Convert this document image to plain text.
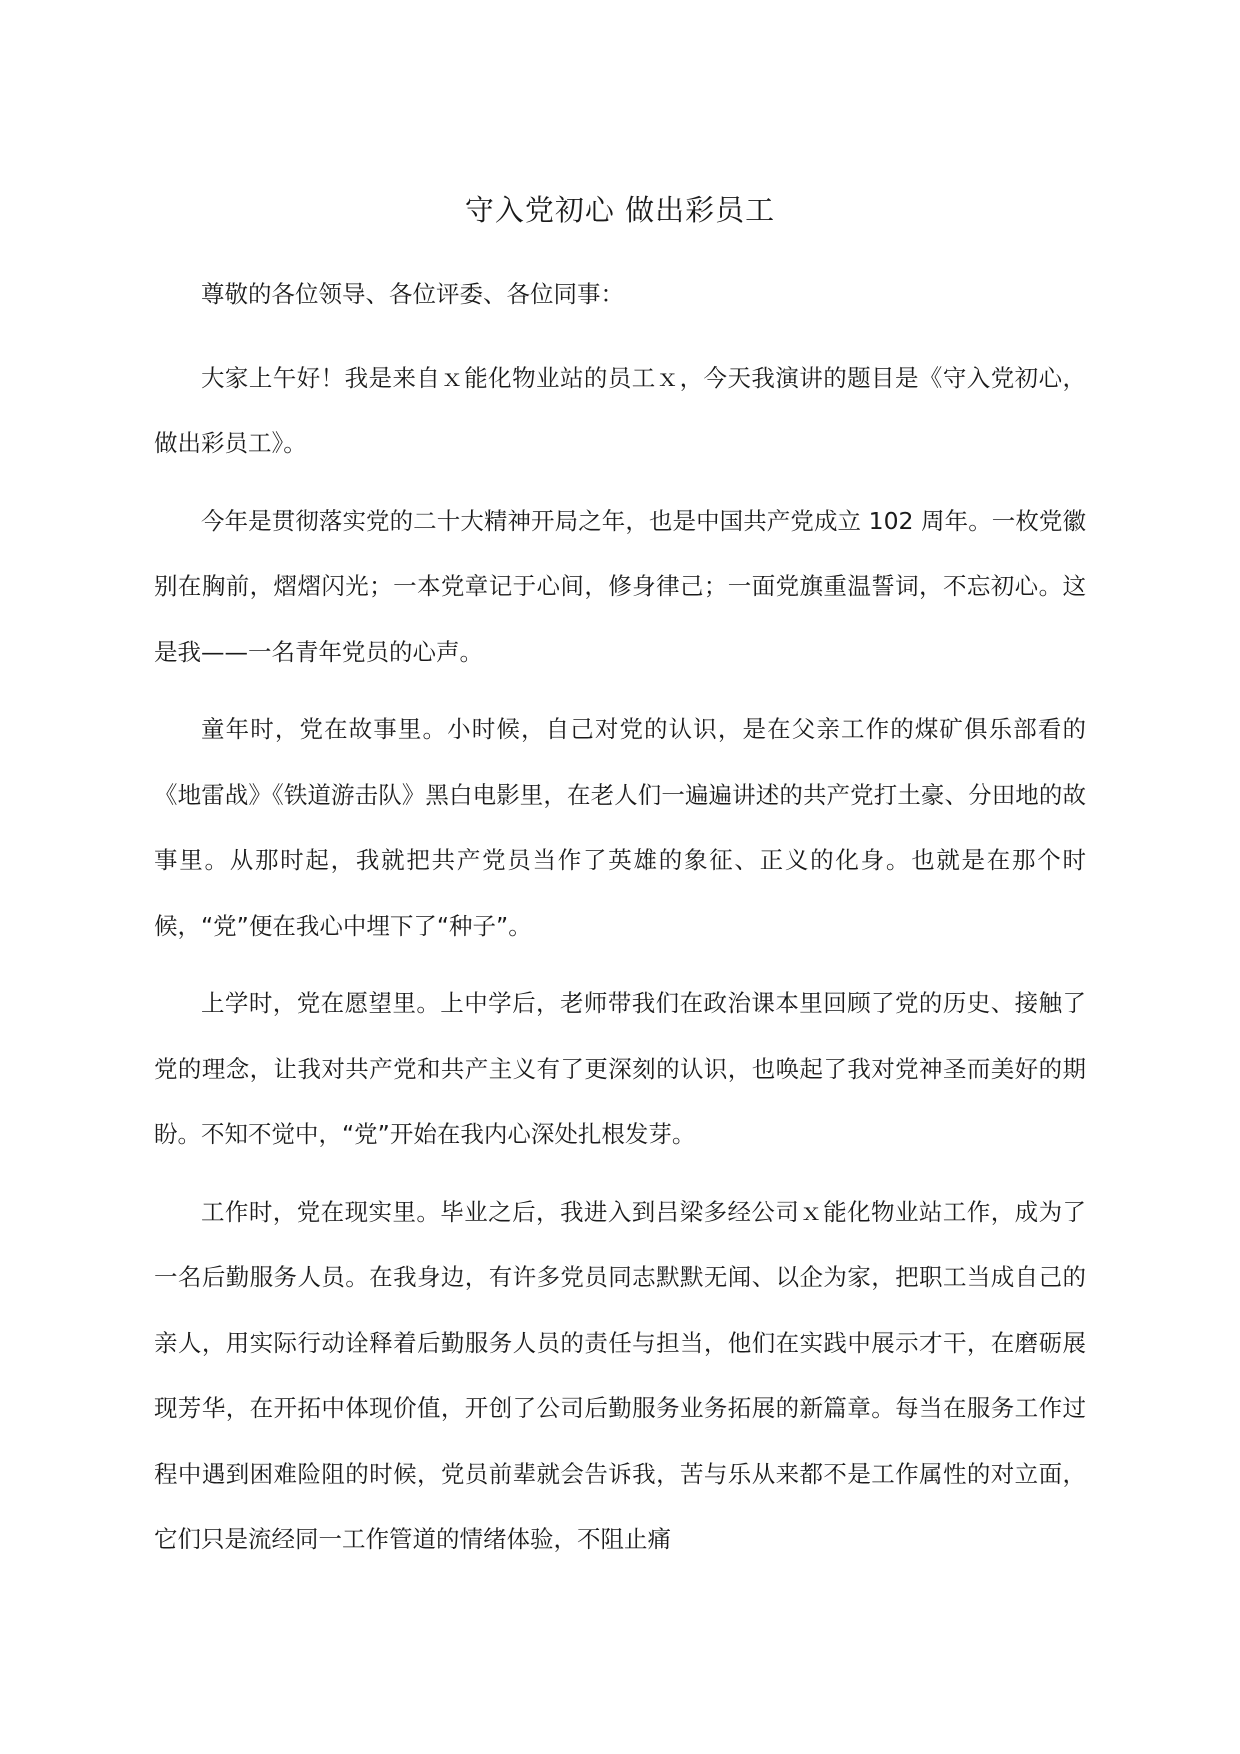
守入党初心 做出彩员工

尊敬的各位领导、各位评委、各位同事：

大家上午好！我是来自ｘ能化物业站的员工ｘ，今天我演讲的题目是《守入党初心，做出彩员工》。

今年是贯彻落实党的二十大精神开局之年，也是中国共产党成立 102 周年。一枚党徽别在胸前，熠熠闪光；一本党章记于心间，修身律己；一面党旗重温誓词，不忘初心。这是我——一名青年党员的心声。

童年时，党在故事里。小时候，自己对党的认识，是在父亲工作的煤矿俱乐部看的《地雷战》《铁道游击队》黑白电影里，在老人们一遍遍讲述的共产党打土豪、分田地的故事里。从那时起，我就把共产党员当作了英雄的象征、正义的化身。也就是在那个时候，“党”便在我心中埋下了“种子”。

上学时，党在愿望里。上中学后，老师带我们在政治课本里回顾了党的历史、接触了党的理念，让我对共产党和共产主义有了更深刻的认识，也唤起了我对党神圣而美好的期盼。不知不觉中，“党”开始在我内心深处扎根发芽。

工作时，党在现实里。毕业之后，我进入到吕梁多经公司ｘ能化物业站工作，成为了一名后勤服务人员。在我身边，有许多党员同志默默无闻、以企为家，把职工当成自己的亲人，用实际行动诠释着后勤服务人员的责任与担当，他们在实践中展示才干，在磨砺展现芳华，在开拓中体现价值，开创了公司后勤服务业务拓展的新篇章。每当在服务工作过程中遇到困难险阻的时候，党员前辈就会告诉我，苦与乐从来都不是工作属性的对立面，它们只是流经同一工作管道的情绪体验，不阻止痛
